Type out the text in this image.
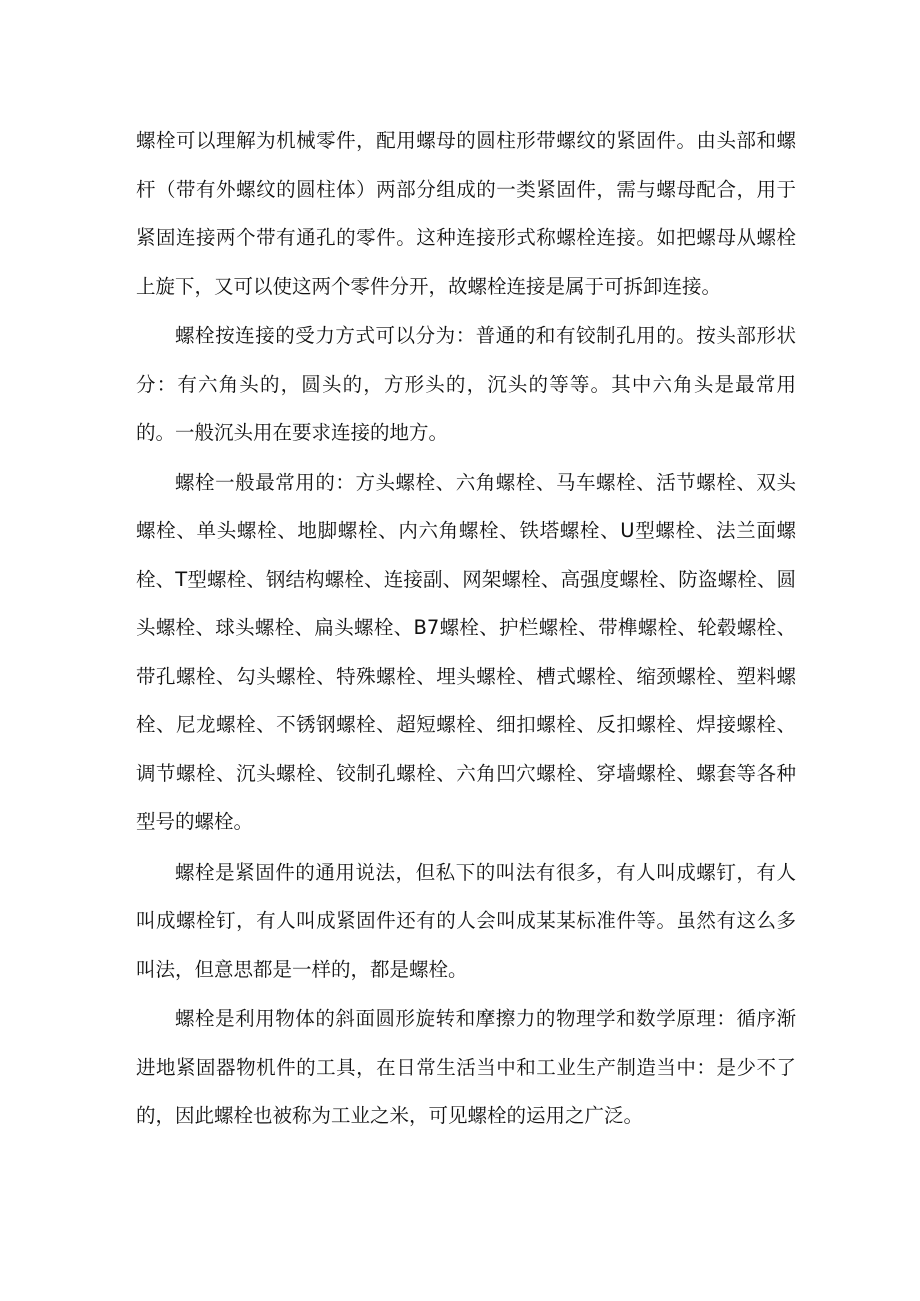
螺栓可以理解为机械零件，配用螺母的圆柱形带螺纹的紧固件。由头部和螺杆（带有外螺纹的圆柱体）两部分组成的一类紧固件，需与螺母配合，用于紧固连接两个带有通孔的零件。这种连接形式称螺栓连接。如把螺母从螺栓上旋下，又可以使这两个零件分开，故螺栓连接是属于可拆卸连接。

螺栓按连接的受力方式可以分为：普通的和有铰制孔用的。按头部形状分：有六角头的，圆头的，方形头的，沉头的等等。其中六角头是最常用的。一般沉头用在要求连接的地方。

螺栓一般最常用的：方头螺栓、六角螺栓、马车螺栓、活节螺栓、双头螺栓、单头螺栓、地脚螺栓、内六角螺栓、铁塔螺栓、U型螺栓、法兰面螺栓、T型螺栓、钢结构螺栓、连接副、网架螺栓、高强度螺栓、防盗螺栓、圆头螺栓、球头螺栓、扁头螺栓、B7螺栓、护栏螺栓、带榫螺栓、轮毂螺栓、带孔螺栓、勾头螺栓、特殊螺栓、埋头螺栓、槽式螺栓、缩颈螺栓、塑料螺栓、尼龙螺栓、不锈钢螺栓、超短螺栓、细扣螺栓、反扣螺栓、焊接螺栓、调节螺栓、沉头螺栓、铰制孔螺栓、六角凹穴螺栓、穿墙螺栓、螺套等各种型号的螺栓。

螺栓是紧固件的通用说法，但私下的叫法有很多，有人叫成螺钉，有人叫成螺栓钉，有人叫成紧固件还有的人会叫成某某标准件等。虽然有这么多叫法，但意思都是一样的，都是螺栓。

螺栓是利用物体的斜面圆形旋转和摩擦力的物理学和数学原理：循序渐进地紧固器物机件的工具，在日常生活当中和工业生产制造当中：是少不了的，因此螺栓也被称为工业之米，可见螺栓的运用之广泛。
